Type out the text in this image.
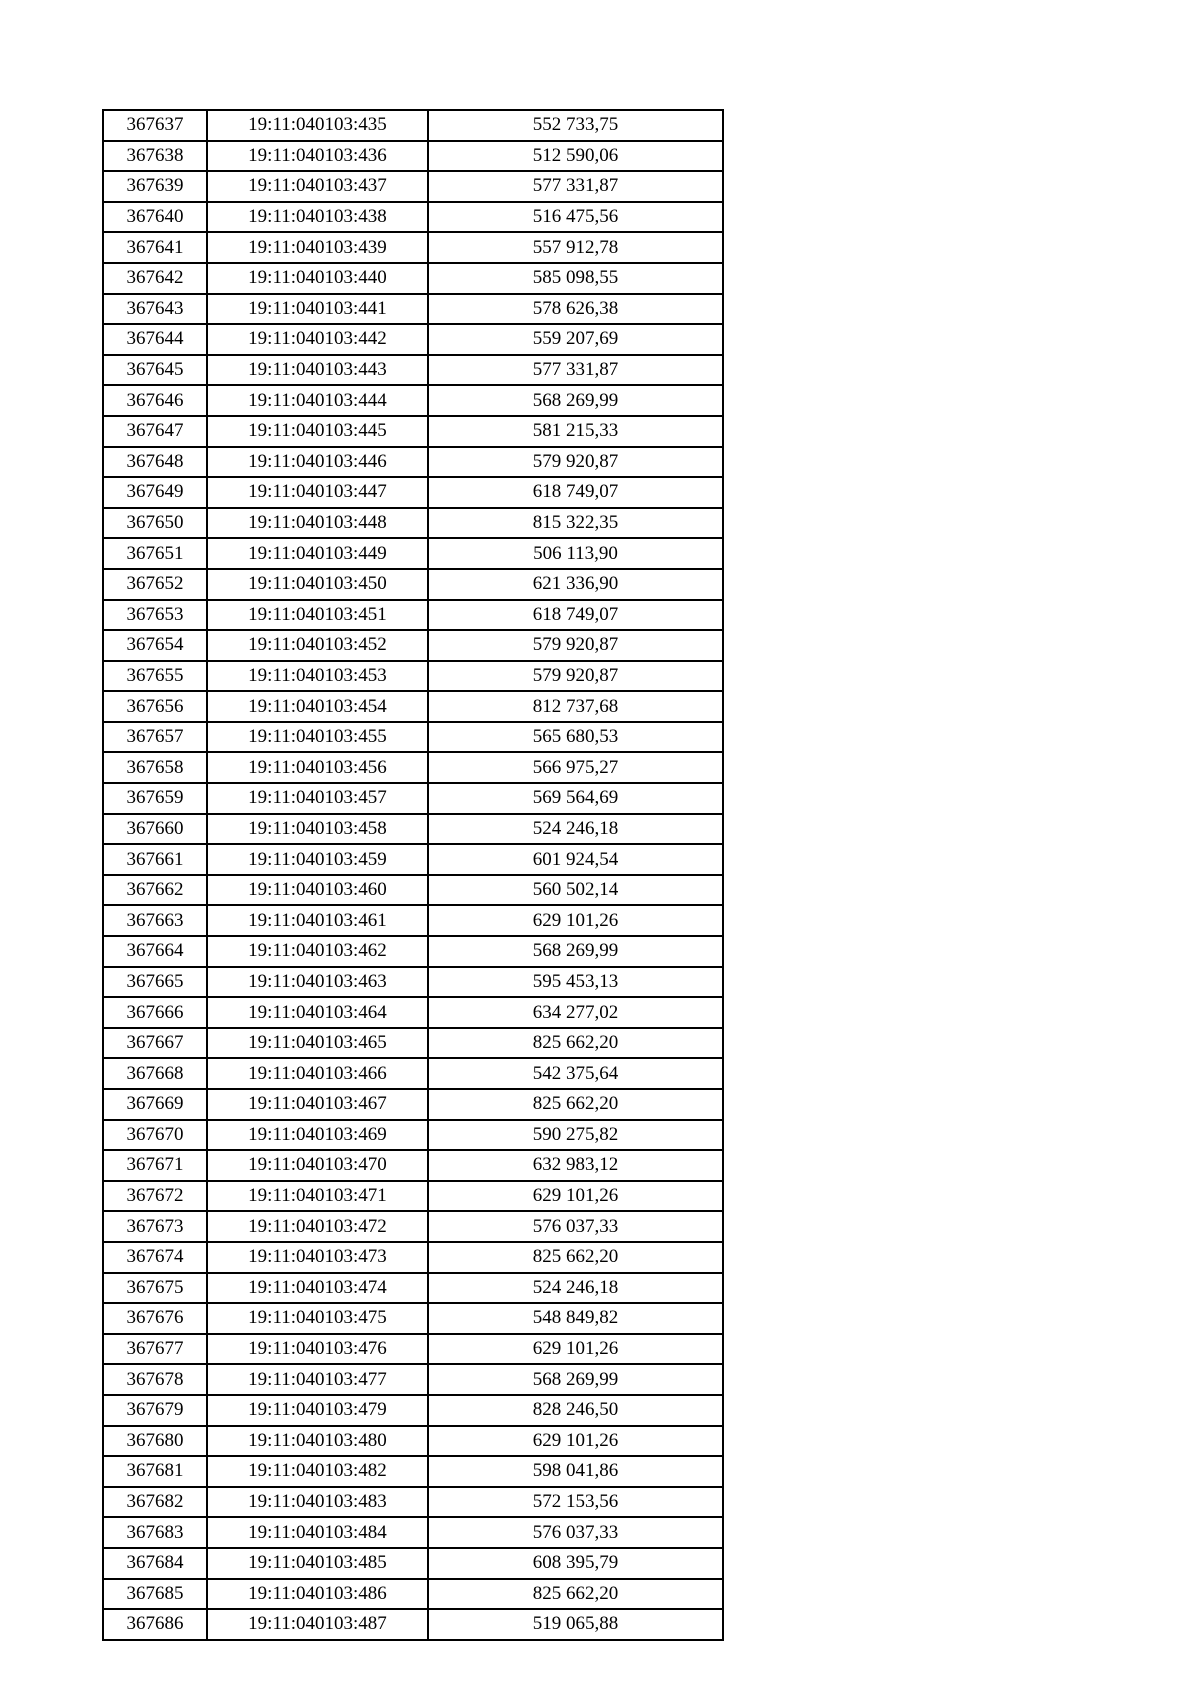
367637	19:11:040103:435	552 733,75
367638	19:11:040103:436	512 590,06
367639	19:11:040103:437	577 331,87
367640	19:11:040103:438	516 475,56
367641	19:11:040103:439	557 912,78
367642	19:11:040103:440	585 098,55
367643	19:11:040103:441	578 626,38
367644	19:11:040103:442	559 207,69
367645	19:11:040103:443	577 331,87
367646	19:11:040103:444	568 269,99
367647	19:11:040103:445	581 215,33
367648	19:11:040103:446	579 920,87
367649	19:11:040103:447	618 749,07
367650	19:11:040103:448	815 322,35
367651	19:11:040103:449	506 113,90
367652	19:11:040103:450	621 336,90
367653	19:11:040103:451	618 749,07
367654	19:11:040103:452	579 920,87
367655	19:11:040103:453	579 920,87
367656	19:11:040103:454	812 737,68
367657	19:11:040103:455	565 680,53
367658	19:11:040103:456	566 975,27
367659	19:11:040103:457	569 564,69
367660	19:11:040103:458	524 246,18
367661	19:11:040103:459	601 924,54
367662	19:11:040103:460	560 502,14
367663	19:11:040103:461	629 101,26
367664	19:11:040103:462	568 269,99
367665	19:11:040103:463	595 453,13
367666	19:11:040103:464	634 277,02
367667	19:11:040103:465	825 662,20
367668	19:11:040103:466	542 375,64
367669	19:11:040103:467	825 662,20
367670	19:11:040103:469	590 275,82
367671	19:11:040103:470	632 983,12
367672	19:11:040103:471	629 101,26
367673	19:11:040103:472	576 037,33
367674	19:11:040103:473	825 662,20
367675	19:11:040103:474	524 246,18
367676	19:11:040103:475	548 849,82
367677	19:11:040103:476	629 101,26
367678	19:11:040103:477	568 269,99
367679	19:11:040103:479	828 246,50
367680	19:11:040103:480	629 101,26
367681	19:11:040103:482	598 041,86
367682	19:11:040103:483	572 153,56
367683	19:11:040103:484	576 037,33
367684	19:11:040103:485	608 395,79
367685	19:11:040103:486	825 662,20
367686	19:11:040103:487	519 065,88
